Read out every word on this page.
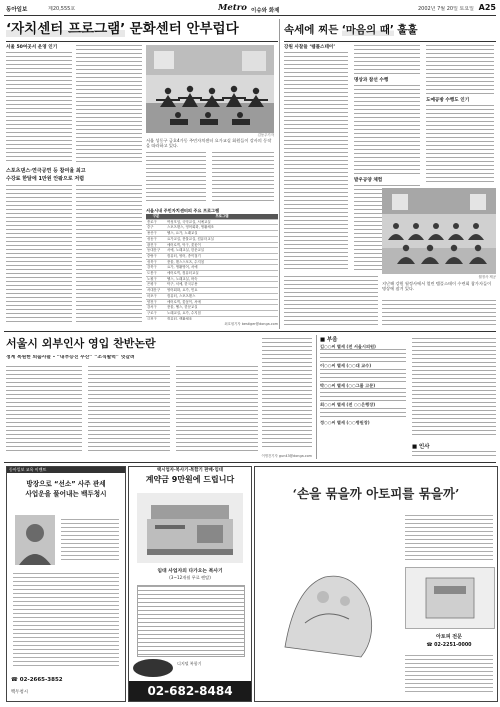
동아일보	제20,555호	Metro 이슈와 화제	2002년 7월 20일 토요일 A25
‘자치센터 프로그램’ 문화센터 안부럽다
서울 50여곳서 운영 인기
스포츠댄스·연극공연 등 참여율 최고
수강료 한달에 1만원 안팎으로 저렴
김동주기자
서울 성동구 금호4가동 주민자치센터 요가교실 회원들이 강사의 동작을 따라하고 있다.
서울시내 주민자치센터의 주요 프로그램
구분	프로그램
종로구	여성모임, 국악교실, 서예교실
중구	스포츠댄스, 영어회화, 생활체조
용산구	헬스, 요가, 노래교실
성동구	요가교실, 풍물교실, 컴퓨터교실
광진구	에어로빅, 탁구, 꽃꽂이
동대문구	서예, 노래교실, 한문교실
중랑구	컴퓨터, 영어, 종이접기
성북구	풍물, 댄스스포츠, 수지침
강북구	요가, 생활영어, 서예
도봉구	에어로빅, 컴퓨터교실
노원구	헬스, 노래교실, 바둑
은평구	탁구, 서예, 한국무용
서대문구	영어회화, 요가, 민요
마포구	컴퓨터, 스포츠댄스
양천구	에어로빅, 꽃꽂이, 서예
강서구	풍물, 헬스, 한문교실
구로구	노래교실, 요가, 수지침
금천구	컴퓨터, 생활체조

최호원기자 bestiger@donga.com
속세에 찌든 ‘마음의 때’ 훌훌
강원 사찰들 ‘템플스테이’
명상과 참선 수행
발우공양 체험
도예공방 수행도 인기
월정사 제공
지난해 강원 월정사에서 열린 템플스테이 수련회 참가자들이 명상에 잠겨 있다.
서울시 외부인사 영입 찬반논란
정계 복원한 퇴출사들 – “내부승진 무산” “조직활력” 엇갈려
이명건기자 gun43@donga.com
■ 부음
김○○씨 별세 (전 서울시의원)
이○○씨 별세 (○○대 교수)
박○○씨 별세 (○○그룹 고문)
최○○씨 별세 (전 ○○은행장)
정○○씨 별세 (○○병원장)
■ 인사
동아일보 교육 이벤트
방장으로 “선소” 사주 관세
사업운을 풀어내는 백두청시
☎ 02-2665-3852
백두청시
택시업자·복사기·복합기 판매·임대
계약금 9만원에 드립니다
임대 사업자의 다가오는 복사기
(3~12개월 무료 렌탈)
디지털 복합기
02-682-8484
‘손을 묶을까 아토피를 묶을까’
아토피 전문
☎ 02-2251-0000
